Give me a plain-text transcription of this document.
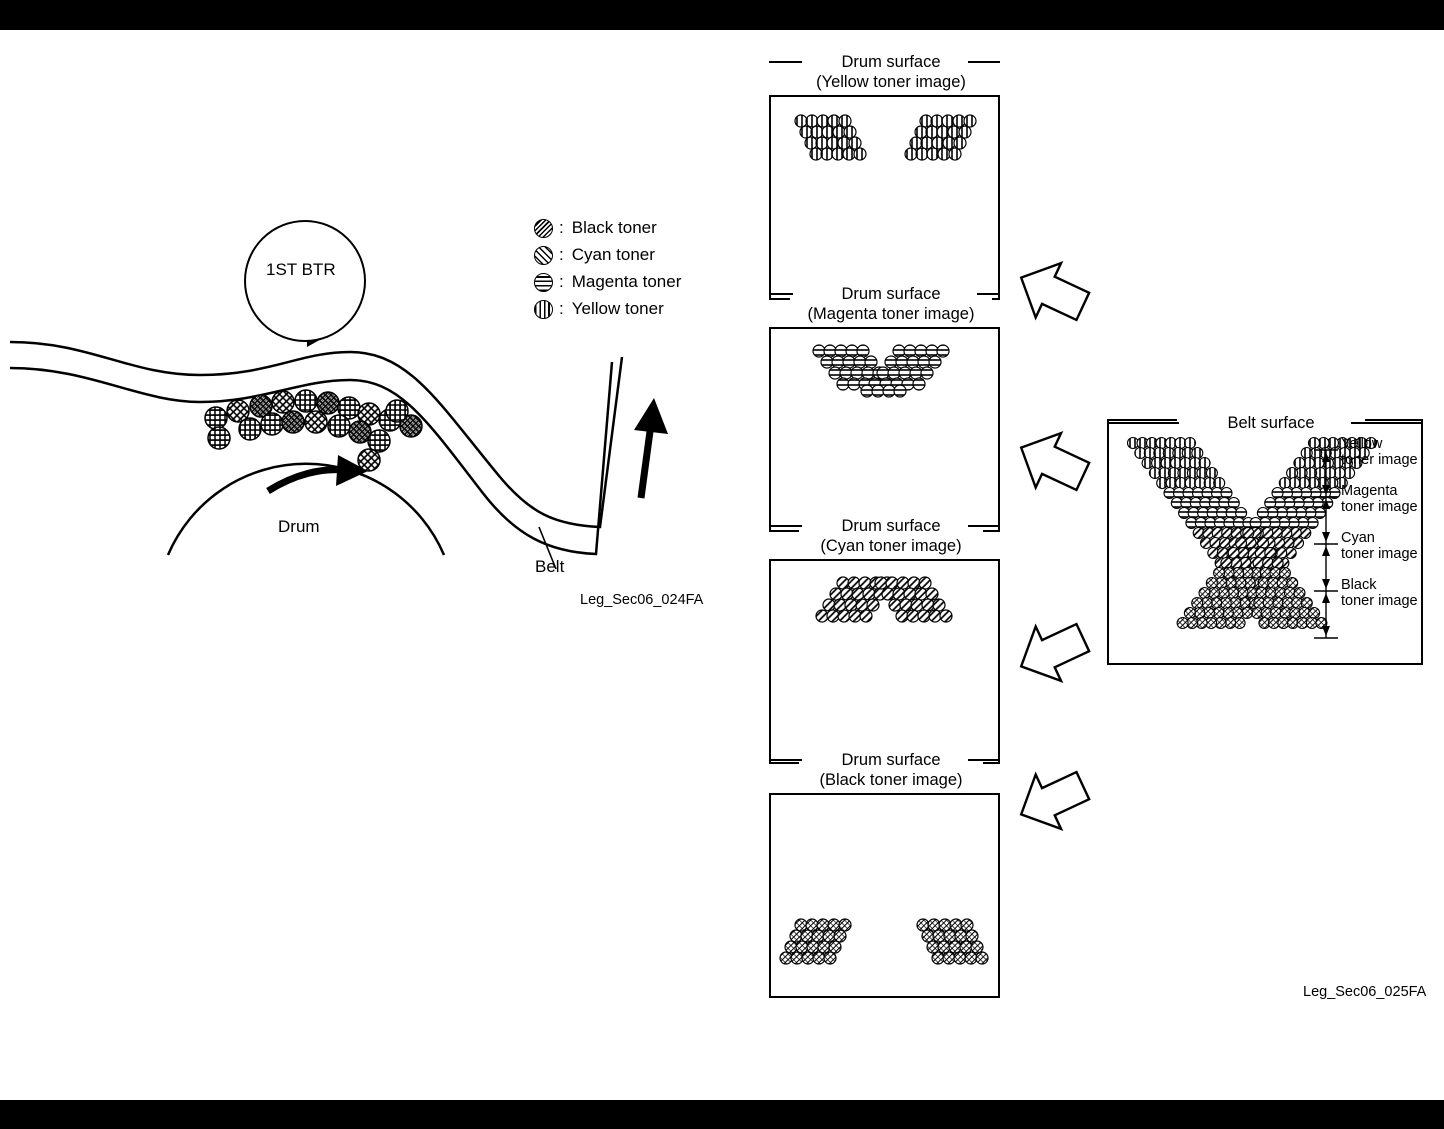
1ST BTR
Drum
Belt
: Black toner
: Cyan toner
: Magenta toner
: Yellow toner
Leg_Sec06_024FA
Drum surface
(Yellow toner image)
Drum surface
(Magenta toner image)
Drum surface
(Cyan toner image)
Drum surface
(Black toner image)
Belt surface
Yellow
toner image
Magenta
toner image
Cyan
toner image
Black
toner image
Leg_Sec06_025FA
